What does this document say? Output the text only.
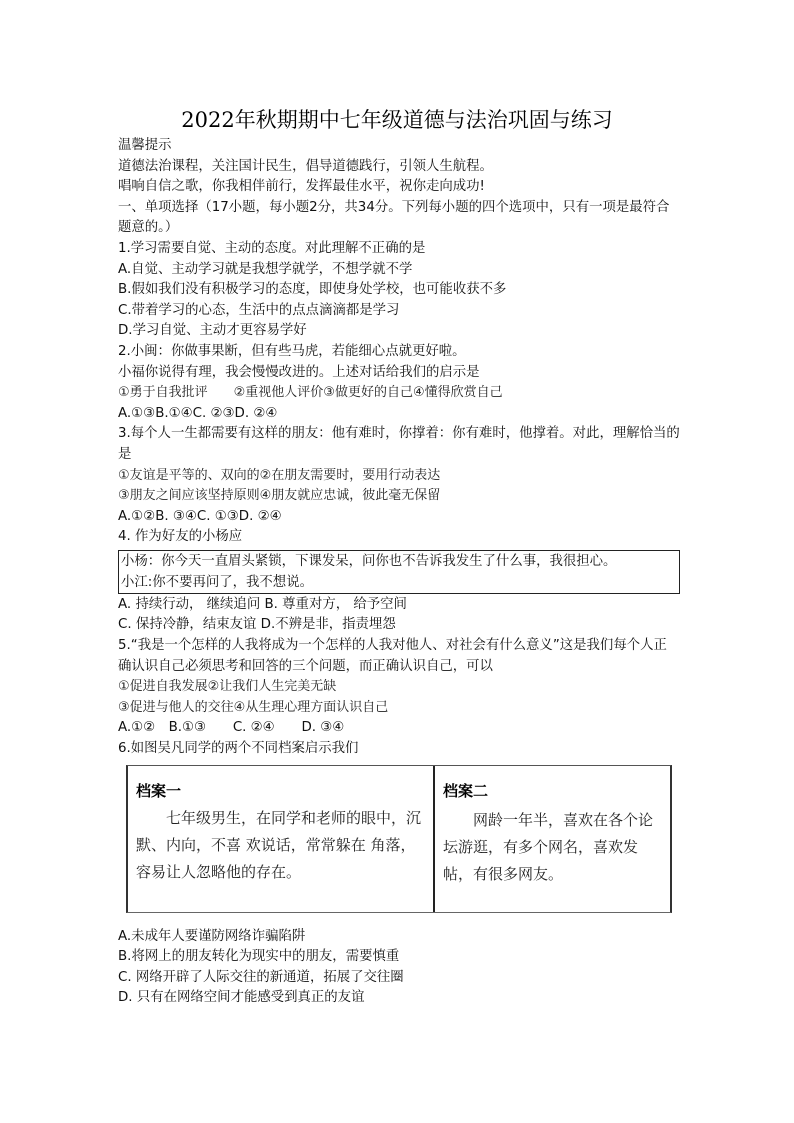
2022年秋期期中七年级道德与法治巩固与练习
温馨提示
道德法治课程，关注国计民生，倡导道德践行，引领人生航程。
唱响自信之歌，你我相伴前行，发挥最佳水平，祝你走向成功!
一、单项选择（17小题，每小题2分，共34分。下列每小题的四个选项中，只有一项是最符合题意的。）
1.学习需要自觉、主动的态度。对此理解不正确的是
A.自觉、主动学习就是我想学就学，不想学就不学
B.假如我们没有积极学习的态度，即使身处学校，也可能收获不多
C.带着学习的心态，生活中的点点滴滴都是学习
D.学习自觉、主动才更容易学好
2.小闽：你做事果断，但有些马虎，若能细心点就更好啦。
小福你说得有理，我会慢慢改进的。上述对话给我们的启示是
①勇于自我批评　　②重视他人评价③做更好的自己④懂得欣赏自己
A.①③B.①④C. ②③D. ②④
3.每个人一生都需要有这样的朋友：他有难时，你撑着：你有难时，他撑着。对此，理解恰当的是
①友谊是平等的、双向的②在朋友需要时，要用行动表达
③朋友之间应该坚持原则④朋友就应忠诚，彼此毫无保留
A.①②B. ③④C. ①③D. ②④
4. 作为好友的小杨应
小杨：你今天一直眉头紧锁，下课发呆，问你也不告诉我发生了什么事，我很担心。
小江:你不要再问了，我不想说。
A. 持续行动， 继续追问 B. 尊重对方， 给予空间
C. 保持冷静，结束友谊 D.不辨是非，指责埋怨
5.“我是一个怎样的人我将成为一个怎样的人我对他人、对社会有什么意义”这是我们每个人正确认识自己必须思考和回答的三个问题，而正确认识自己，可以
①促进自我发展②让我们人生完美无缺
③促进与他人的交往④从生理心理方面认识自己
A.①②　B.①③　　C. ②④　　D. ③④
6.如图吴凡同学的两个不同档案启示我们
档案一
七年级男生，在同学和老师的眼中，沉默、内向，不喜 欢说话，常常躲在 角落，容易让人忽略他的存在。
档案二
网龄一年半，喜欢在各个论坛游逛，有多个网名，喜欢发帖，有很多网友。
A.未成年人要谨防网络诈骗陷阱
B.将网上的朋友转化为现实中的朋友，需要慎重
C. 网络开辟了人际交往的新通道，拓展了交往圈
D. 只有在网络空间才能感受到真正的友谊
